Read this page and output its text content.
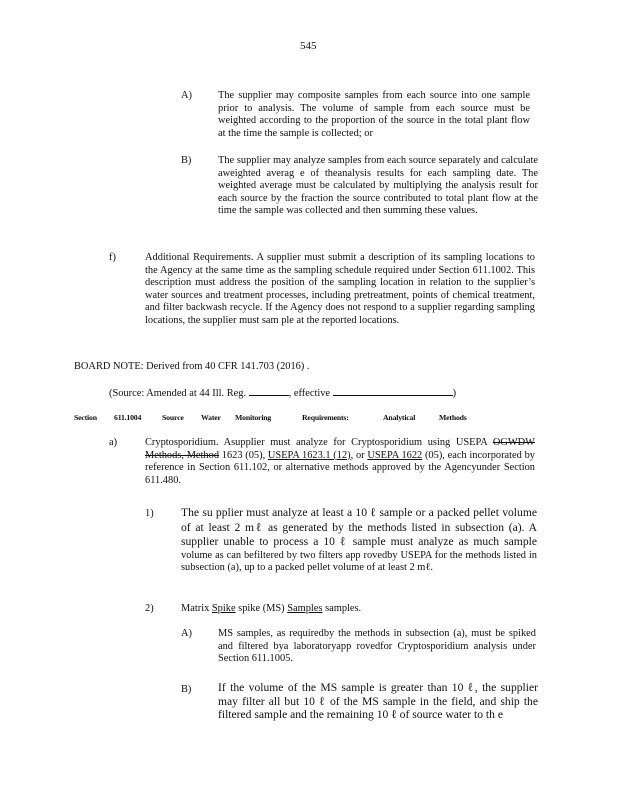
545
A)	The supplier may composite samples from each source into one sample prior to analysis. The volume of sample from each source must be weighted according to the proportion of the source in the total plant flow at the time the sample is collected; or
B)	The supplier may analyze samples from each source separately and calculate aweighted averag e of theanalysis results for each sampling date. The weighted average must be calculated by multiplying the analysis result for each source by the fraction the source contributed to total plant flow at the time the sample was collected and then summing these values.
f)	Additional Requirements. A supplier must submit a description of its sampling locations to the Agency at the same time as the sampling schedule required under Section 611.1002. This description must address the position of the sampling location in relation to the supplier’s water sources and treatment processes, including pretreatment, points of chemical treatment, and filter backwash recycle. If the Agency does not respond to a supplier regarding sampling locations, the supplier must sam ple at the reported locations.
BOARD NOTE: Derived from 40 CFR 141.703 (2016) .
(Source: Amended at 44 Ill. Reg.	, effective	)
Section 611.1004	Source Water Monitoring	Requirements:	Analytical	Methods
a)	Cryptosporidium. Asupplier must analyze for Cryptosporidium using USEPA OGWDW Methods, Method 1623 (05), USEPA 1623.1 (12), or USEPA 1622 (05), each incorporated by reference in Section 611.102, or alternative methods approved by the Agencyunder Section 611.480.
1) The su pplier must analyze at least a 10 ℓ sample or a packed pellet volume of at least 2 mℓ as generated by the methods listed in subsection (a). A supplier unable to process a 10 ℓ sample must analyze as much sample volume as can befiltered by two filters app rovedby USEPA for the methods listed in subsection (a), up to a packed pellet volume of at least 2 mℓ.
2)	Matrix Spike spike (MS) Samples samples.
A)	MS samples, as requiredby the methods in subsection (a), must be spiked and filtered bya laboratoryapp rovedfor Cryptosporidium analysis under Section 611.1005.
B) If the volume of the MS sample is greater than 10 ℓ, the supplier may filter all but 10 ℓ of the MS sample in the field, and ship the filtered sample and the remaining 10 ℓ of source water to th e
